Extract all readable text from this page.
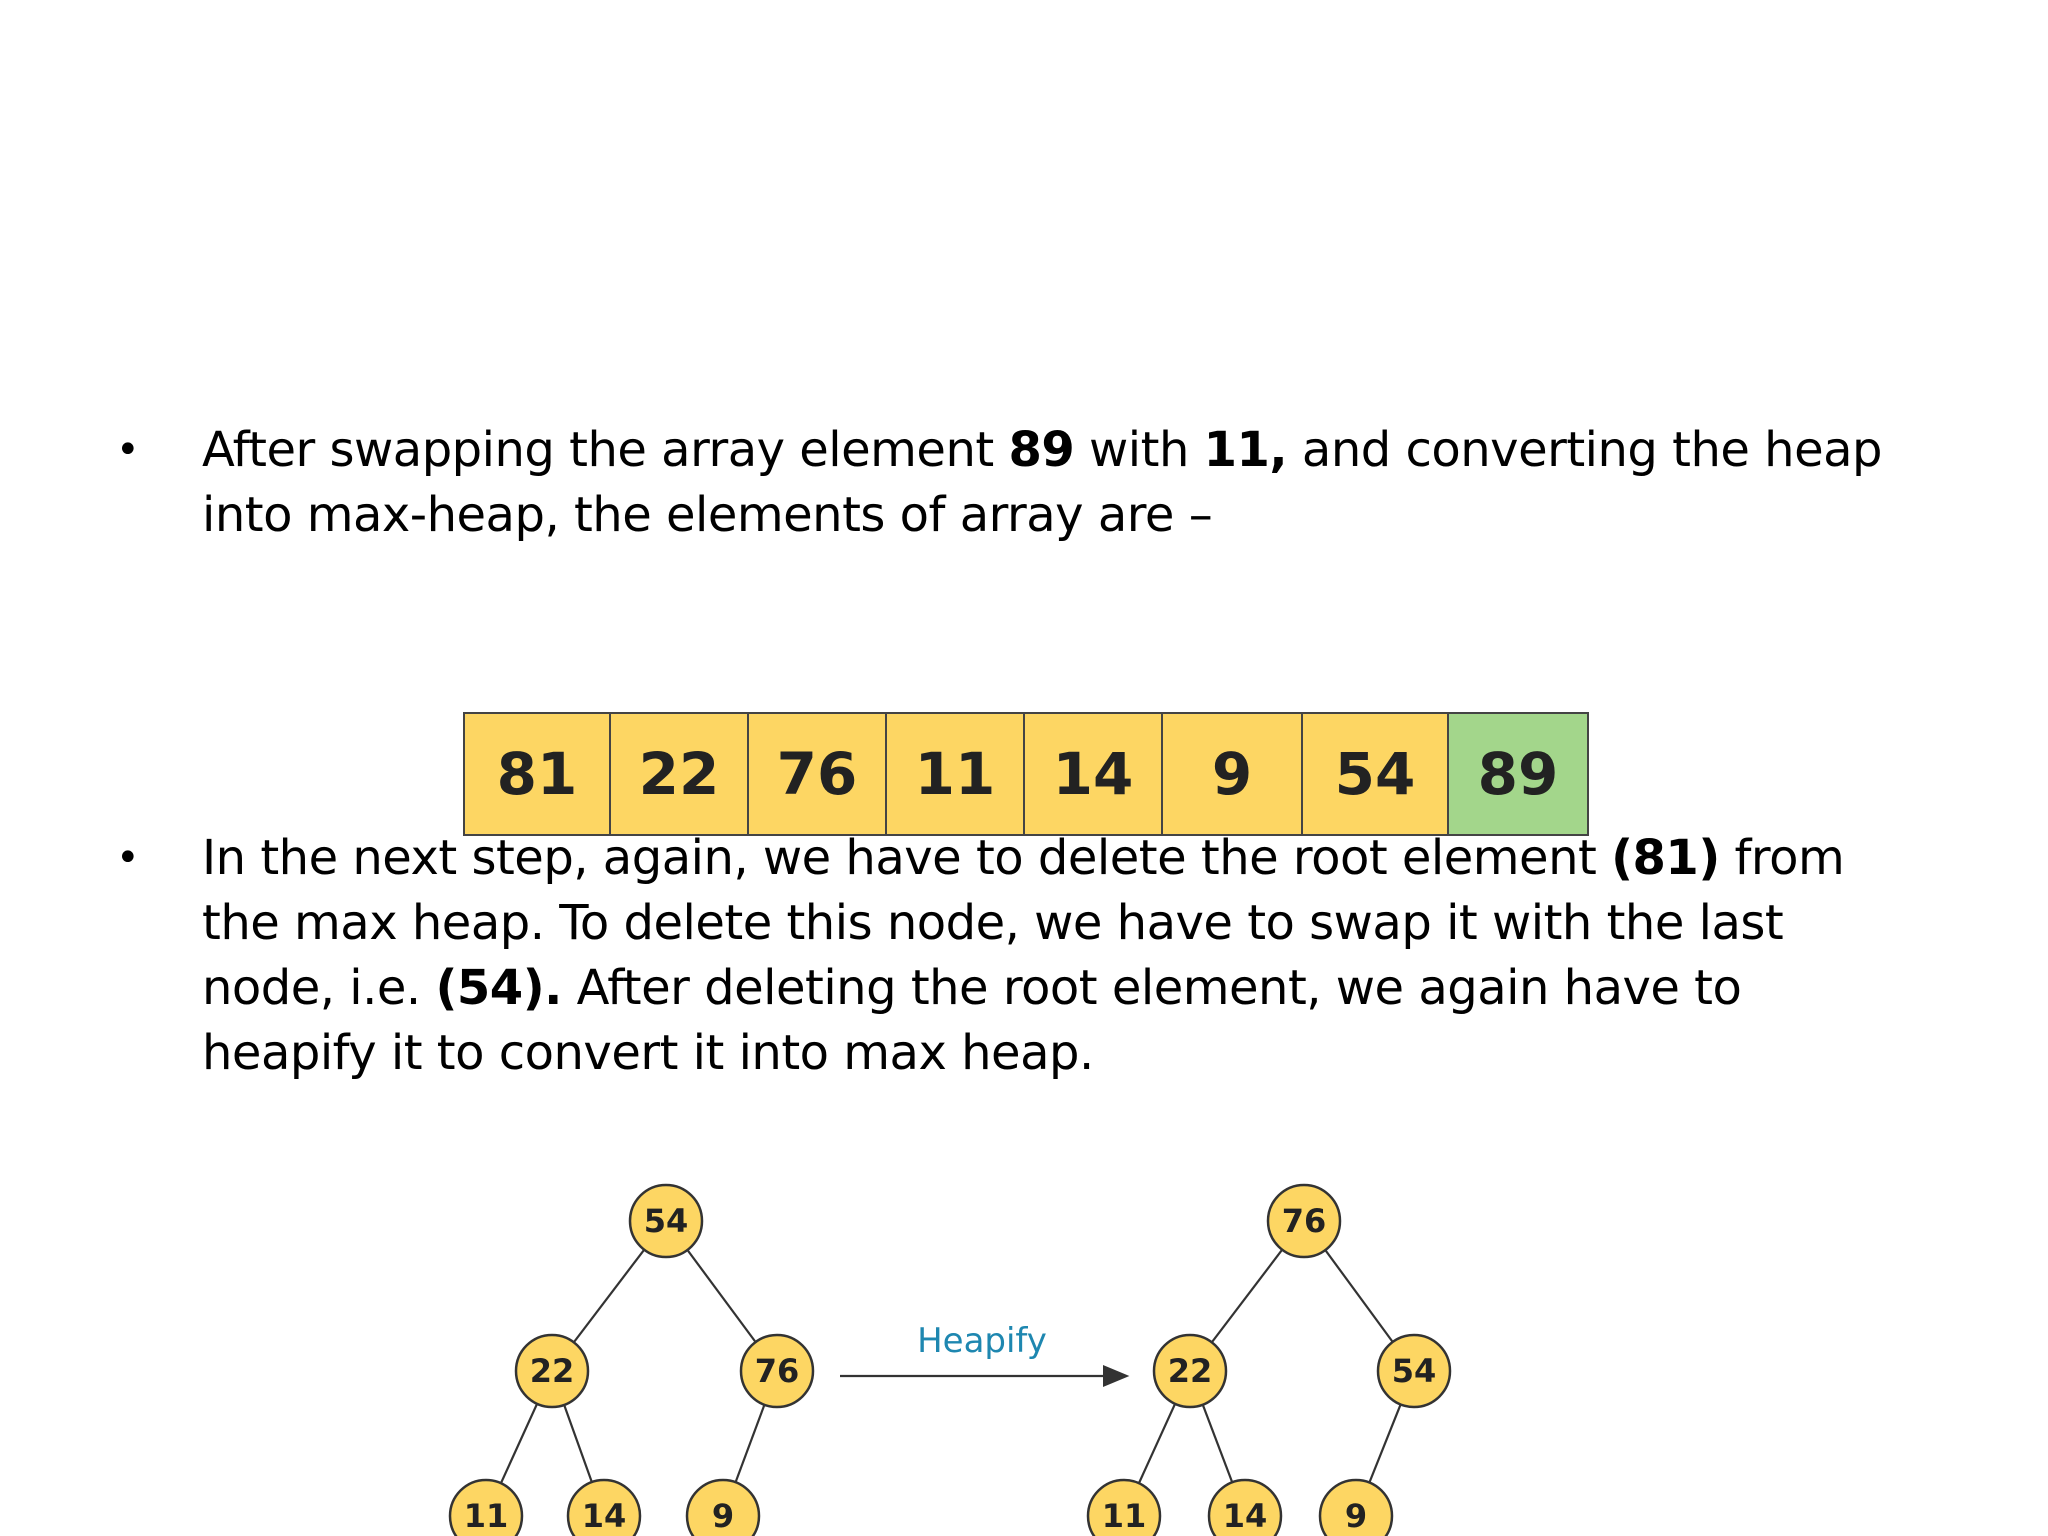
•	After swapping the array element 89 with 11, and converting the heap into max-heap, the elements of array are –
81	22 76 11 14	9	54	89
•	In the next step, again, we have to delete the root element (81) from the max heap. To delete this node, we have to swap it with the last node, i.e. (54). After deleting the root element, we again have to heapify it to convert it into max heap.
54
22	76
11 14	9
76
22	54
11 14 9
Heapify
